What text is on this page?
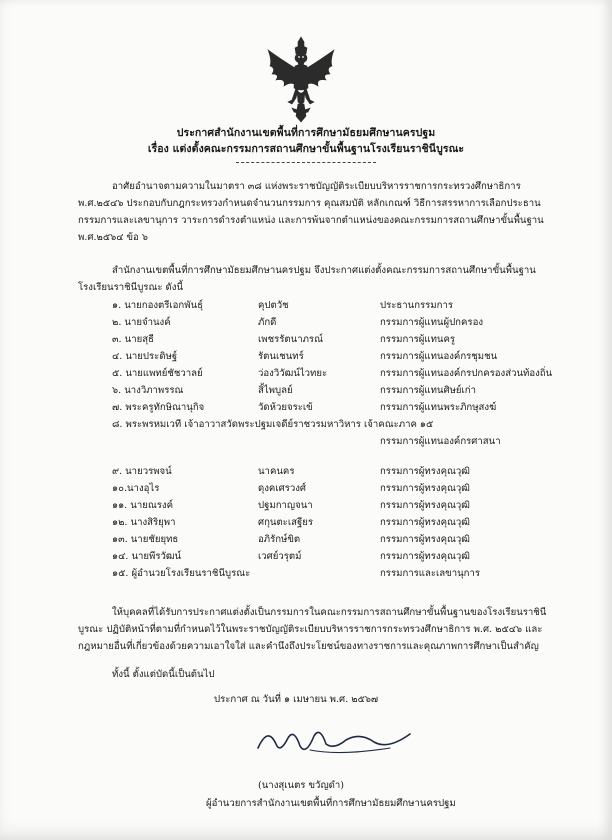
ประกาศสำนักงานเขตพื้นที่การศึกษามัธยมศึกษานครปฐม
เรื่อง แต่งตั้งคณะกรรมการสถานศึกษาขั้นพื้นฐานโรงเรียนราชินีบูรณะ
อาศัยอำนาจตามความในมาตรา ๓๘ แห่งพระราชบัญญัติระเบียบบริหารราชการกระทรวงศึกษาธิการ พ.ศ.๒๕๔๖ ประกอบกับกฎกระทรวงกำหนดจำนวนกรรมการ คุณสมบัติ หลักเกณฑ์ วิธีการสรรหาการเลือกประธานกรรมการและเลขานุการ วาระการดำรงตำแหน่ง และการพ้นจากตำแหน่งของคณะกรรมการสถานศึกษาขั้นพื้นฐาน พ.ศ.๒๕๖๔ ข้อ ๖
สำนักงานเขตพื้นที่การศึกษามัธยมศึกษานครปฐม จึงประกาศแต่งตั้งคณะกรรมการสถานศึกษาขั้นพื้นฐานโรงเรียนราชินีบูรณะ ดังนี้
๑. นายกองตรีเอกพันธุ์	คุปตวัช	ประธานกรรมการ
๒. นายจำนงค์	ภักดี	กรรมการผู้แทนผู้ปกครอง
๓. นายสุธี	เพชรรัตนาภรณ์	กรรมการผู้แทนครู
๔. นายประดิษฐ์	รัตนเชนทร์	กรรมการผู้แทนองค์กรชุมชน
๕. นายแพทย์ชัชวาลย์	ว่องวิวัฒน์ไวทยะ	กรรมการผู้แทนองค์กรปกครองส่วนท้องถิ่น
๖. นางวิภาพรรณ	สิ้ไพบูลย์	กรรมการผู้แทนศิษย์เก่า
๗. พระครูทักษิณานุกิจ	วัดห้วยจระเข้	กรรมการผู้แทนพระภิกษุสงฆ์
๘. พระพรหมเวที เจ้าอาวาสวัดพระปฐมเจดีย์ราชวรมหาวิหาร เจ้าคณะภาค ๑๕
กรรมการผู้แทนองค์กรศาสนา
๙. นายวรพจน์	นาคนคร	กรรมการผู้ทรงคุณวุฒิ
๑๐.นางอุไร	ดุงคเศรวงศ์	กรรมการผู้ทรงคุณวุฒิ
๑๑. นายณรงค์	ปฐมกาญจนา	กรรมการผู้ทรงคุณวุฒิ
๑๒. นางสิริยุพา	ศกุนตะเสฐียร	กรรมการผู้ทรงคุณวุฒิ
๑๓. นายชัยยุทธ	อภิรักษ์ขิต	กรรมการผู้ทรงคุณวุฒิ
๑๔. นายพีรวัฒน์	เวศย์วรุตม์	กรรมการผู้ทรงคุณวุฒิ
๑๕. ผู้อำนวยโรงเรียนราชินีบูรณะ	กรรมการและเลขานุการ
ให้บุคคลที่ได้รับการประกาศแต่งตั้งเป็นกรรมการในคณะกรรมการสถานศึกษาขั้นพื้นฐานของโรงเรียนราชินีบูรณะ ปฏิบัติหน้าที่ตามที่กำหนดไว้ในพระราชบัญญัติระเบียบบริหารราชการกระทรวงศึกษาธิการ พ.ศ. ๒๕๔๖ และกฎหมายอื่นที่เกี่ยวข้องด้วยความเอาใจใส่ และคำนึงถึงประโยชน์ของทางราชการและคุณภาพการศึกษาเป็นสำคัญ
ทั้งนี้ ตั้งแต่บัดนี้เป็นต้นไป
ประกาศ ณ วันที่ ๑ เมษายน พ.ศ. ๒๕๖๗
(นางสุเนตร ขวัญดำ)
ผู้อำนวยการสำนักงานเขตพื้นที่การศึกษามัธยมศึกษานครปฐม
